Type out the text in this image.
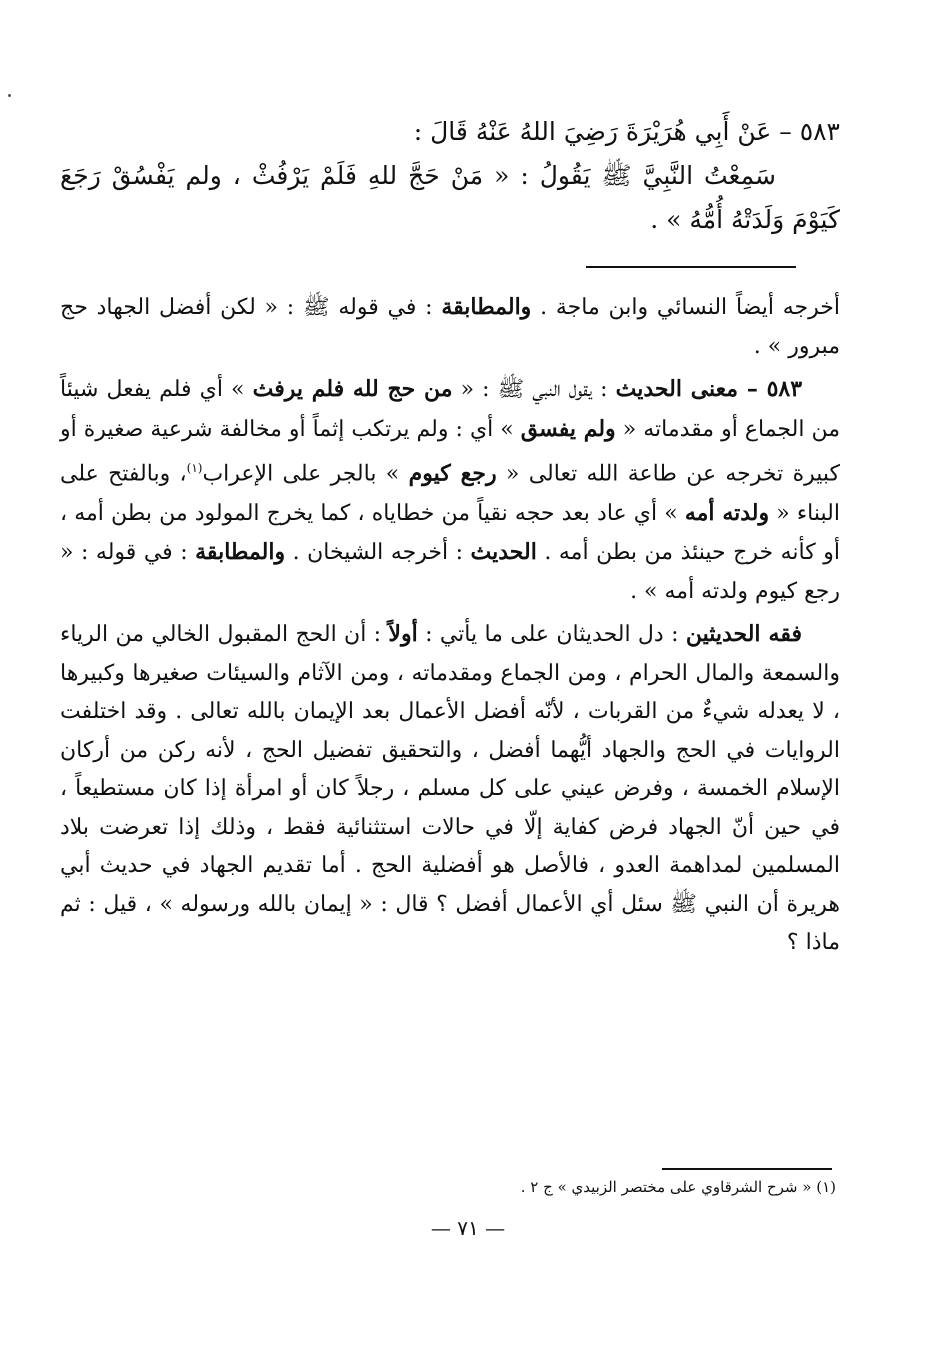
٥٨٣ – عَنْ أَبِي هُرَيْرَةَ رَضِيَ اللهُ عَنْهُ قَالَ :

سَمِعْتُ النَّبِيَّ ﷺ يَقُولُ : « مَنْ حَجَّ للهِ فَلَمْ يَرْفُثْ ، ولم يَفْسُقْ رَجَعَ كَيَوْمَ وَلَدَتْهُ أُمُّهُ » .

أخرجه أيضاً النسائي وابن ماجة . والمطابقة : في قوله ﷺ : « لكن أفضل الجهاد حج مبرور » .

٥٨٣ – معنى الحديث : يقول النبي ﷺ : « من حج لله فلم يرفث » أي فلم يفعل شيئاً من الجماع أو مقدماته « ولم يفسق » أي : ولم يرتكب إثماً أو مخالفة شرعية صغيرة أو كبيرة تخرجه عن طاعة الله تعالى « رجع كيوم » بالجر على الإعراب$^{(١)}$، وبالفتح على البناء « ولدته أمه » أي عاد بعد حجه نقياً من خطاياه ، كما يخرج المولود من بطن أمه ، أو كأنه خرج حينئذ من بطن أمه . الحديث : أخرجه الشيخان . والمطابقة : في قوله : « رجع كيوم ولدته أمه » .

فقه الحديثين : دل الحديثان على ما يأتي : أولاً : أن الحج المقبول الخالي من الرياء والسمعة والمال الحرام ، ومن الجماع ومقدماته ، ومن الآثام والسيئات صغيرها وكبيرها ، لا يعدله شيءٌ من القربات ، لأنّه أفضل الأعمال بعد الإيمان بالله تعالى . وقد اختلفت الروايات في الحج والجهاد أيُّهما أفضل ، والتحقيق تفضيل الحج ، لأنه ركن من أركان الإسلام الخمسة ، وفرض عيني على كل مسلم ، رجلاً كان أو امرأة إذا كان مستطيعاً ، في حين أنّ الجهاد فرض كفاية إلّا في حالات استثنائية فقط ، وذلك إذا تعرضت بلاد المسلمين لمداهمة العدو ، فالأصل هو أفضلية الحج . أما تقديم الجهاد في حديث أبي هريرة أن النبي ﷺ سئل أي الأعمال أفضل ؟ قال : « إيمان بالله ورسوله » ، قيل : ثم ماذا ؟

(١) « شرح الشرقاوي على مختصر الزبيدي » ج ٢ .
— ٧١ —
